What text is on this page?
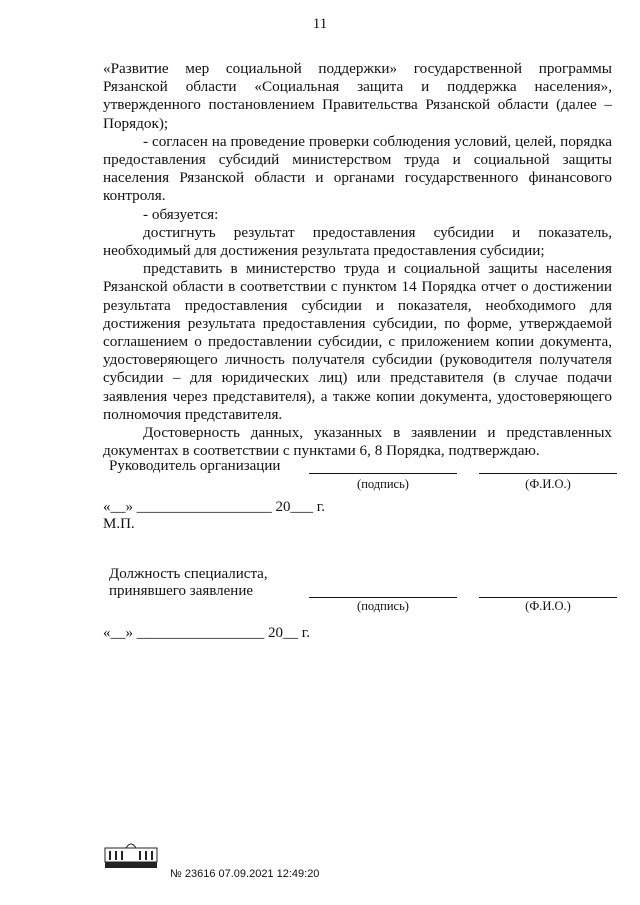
11

«Развитие мер социальной поддержки» государственной программы Рязанской области «Социальная защита и поддержка населения», утвержденного постановлением Правительства Рязанской области (далее – Порядок);

- согласен на проведение проверки соблюдения условий, целей, порядка предоставления субсидий министерством труда и социальной защиты населения Рязанской области и органами государственного финансового контроля.

- обязуется:

достигнуть результат предоставления субсидии и показатель, необходимый для достижения результата предоставления субсидии;

представить в министерство труда и социальной защиты населения Рязанской области в соответствии с пунктом 14 Порядка отчет о достижении результата предоставления субсидии и показателя, необходимого для достижения результата предоставления субсидии, по форме, утверждаемой соглашением о предоставлении субсидии, с приложением копии документа, удостоверяющего личность получателя субсидии (руководителя получателя субсидии – для юридических лиц) или представителя (в случае подачи заявления через представителя), а также копии документа, удостоверяющего полномочия представителя.

Достоверность данных, указанных в заявлении и представленных документах в соответствии с пунктами 6, 8 Порядка, подтверждаю.

Руководитель организации
(подпись)	(Ф.И.О.)
«__» __________________ 20___ г.
М.П.
Должность специалиста,
принявшего заявление
(подпись)	(Ф.И.О.)
«__» _________________ 20__ г.
№ 23616 07.09.2021 12:49:20
